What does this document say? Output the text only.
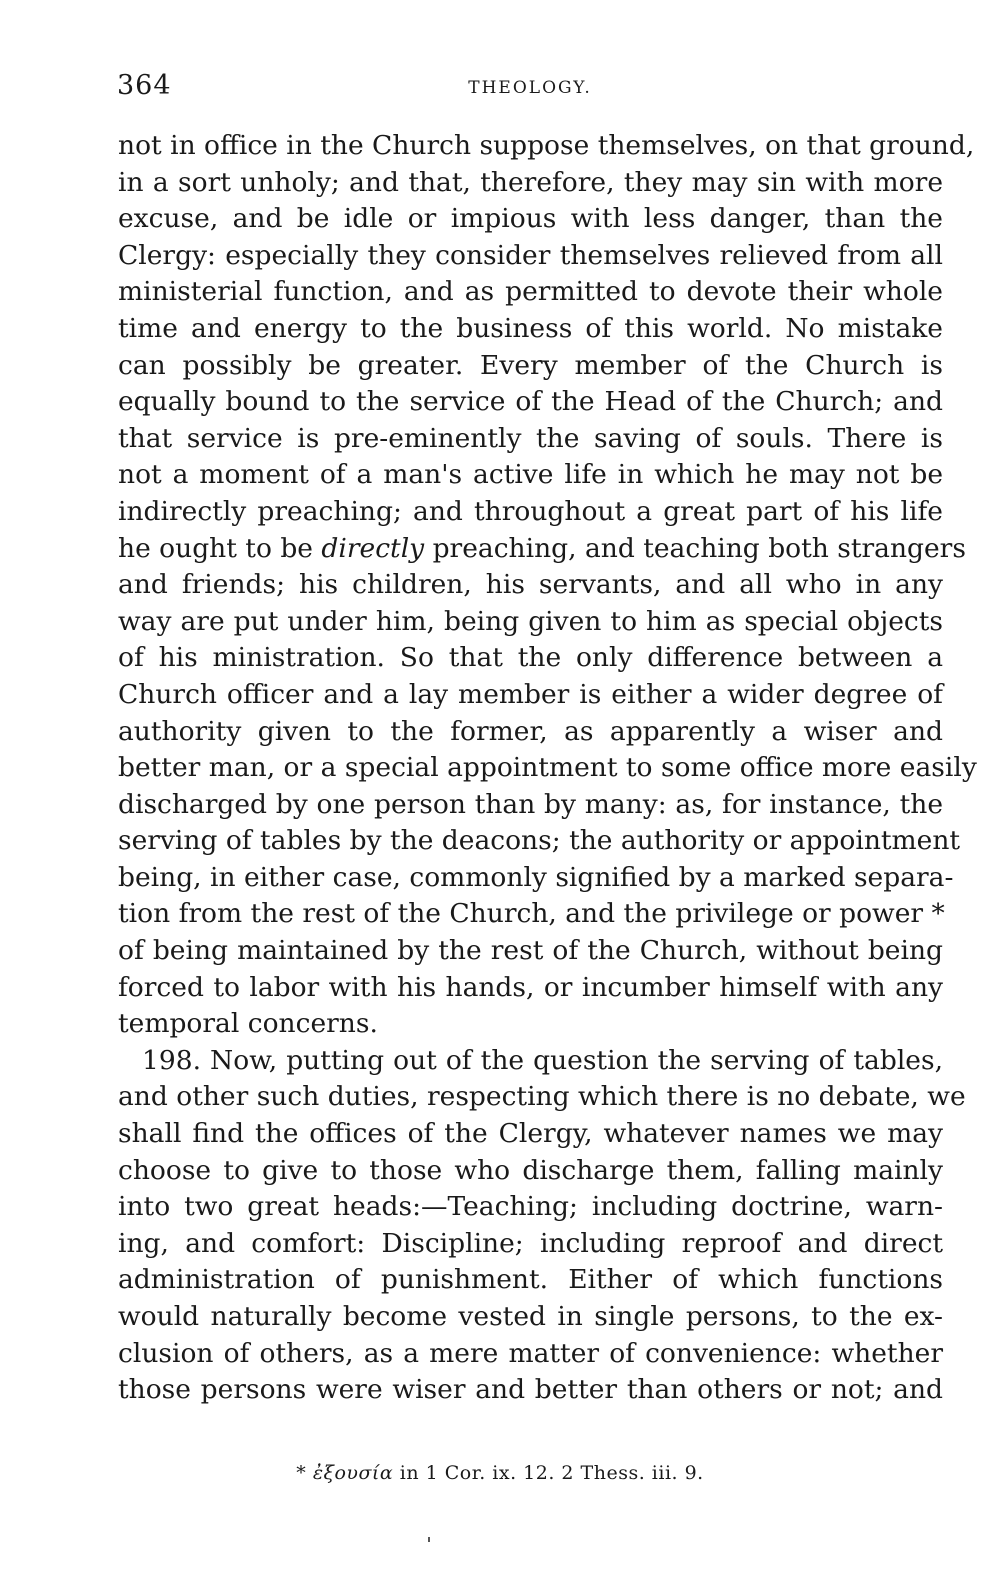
364	THEOLOGY.
not in office in the Church suppose themselves, on that ground,
in a sort unholy; and that, therefore, they may sin with more
excuse, and be idle or impious with less danger, than the
Clergy: especially they consider themselves relieved from all
ministerial function, and as permitted to devote their whole
time and energy to the business of this world. No mistake
can possibly be greater. Every member of the Church is
equally bound to the service of the Head of the Church; and
that service is pre-eminently the saving of souls. There is
not a moment of a man's active life in which he may not be
indirectly preaching; and throughout a great part of his life
he ought to be directly preaching, and teaching both strangers
and friends; his children, his servants, and all who in any
way are put under him, being given to him as special objects
of his ministration. So that the only difference between a
Church officer and a lay member is either a wider degree of
authority given to the former, as apparently a wiser and
better man, or a special appointment to some office more easily
discharged by one person than by many: as, for instance, the
serving of tables by the deacons; the authority or appointment
being, in either case, commonly signified by a marked separa-
tion from the rest of the Church, and the privilege or power *
of being maintained by the rest of the Church, without being
forced to labor with his hands, or incumber himself with any
temporal concerns.
198. Now, putting out of the question the serving of tables,
and other such duties, respecting which there is no debate, we
shall find the offices of the Clergy, whatever names we may
choose to give to those who discharge them, falling mainly
into two great heads:—Teaching; including doctrine, warn-
ing, and comfort: Discipline; including reproof and direct
administration of punishment. Either of which functions
would naturally become vested in single persons, to the ex-
clusion of others, as a mere matter of convenience: whether
those persons were wiser and better than others or not; and
* ἐξουσία in 1 Cor. ix. 12. 2 Thess. iii. 9.
